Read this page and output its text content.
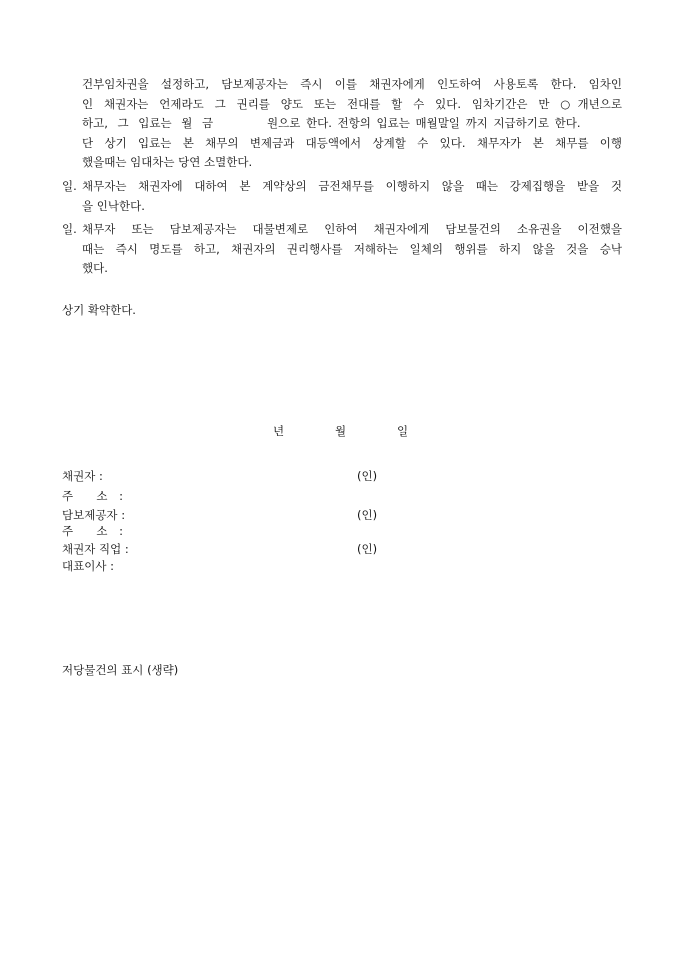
건부임차권을 설정하고, 담보제공자는 즉시 이를 채권자에게 인도하여 사용토록 한다. 임차인
인 채권자는 언제라도 그 권리를 양도 또는 전대를 할 수 있다. 임차기간은 만 ○개년으로
하고, 그 입료는 월 금	원으로 한다. 전항의 입료는 매월말일 까지 지급하기로 한다.
단 상기 입료는 본 채무의 변제금과 대등액에서 상계할 수 있다. 채무자가 본 채무를 이행
했을때는 임대차는 당연 소멸한다.
일. 채무자는 채권자에 대하여 본 계약상의 금전채무를 이행하지 않을 때는 강제집행을 받을 것
을 인낙한다.
일. 채무자 또는 담보제공자는 대물변제로 인하여 채권자에게 담보물건의 소유권을 이전했을
때는 즉시 명도를 하고, 채권자의 권리행사를 저해하는 일체의 행위를 하지 않을 것을 승낙
했다.
상기 확약한다.
년	월	일
채권자 :	(인)
주  소 :
담보제공자 :	(인)
주  소 :
채권자 직업 :	(인)
대표이사 :
저당물건의 표시 (생략)
